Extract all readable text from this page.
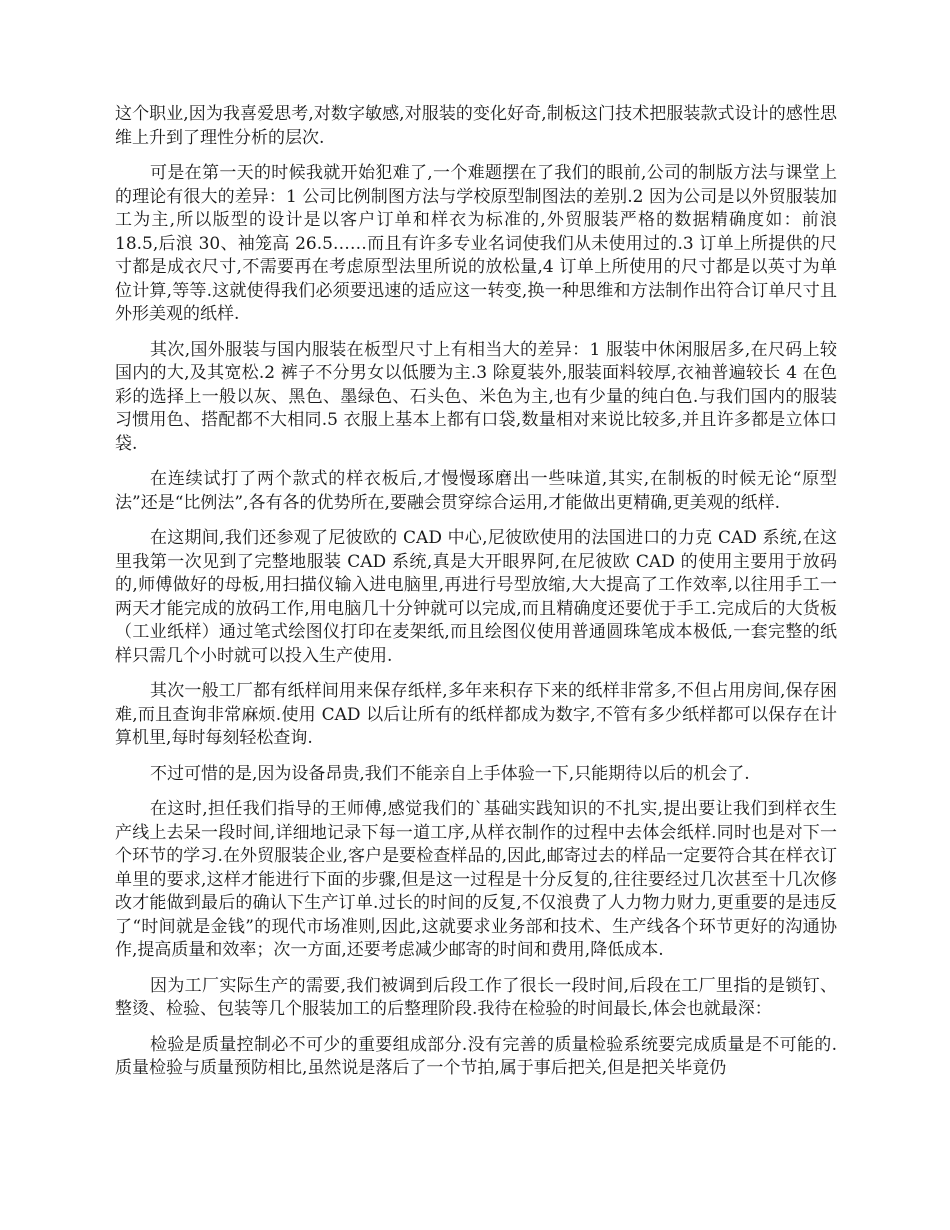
这个职业,因为我喜爱思考,对数字敏感,对服装的变化好奇,制板这门技术把服装款式设计的感性思维上升到了理性分析的层次.

可是在第一天的时候我就开始犯难了,一个难题摆在了我们的眼前,公司的制版方法与课堂上的理论有很大的差异：1 公司比例制图方法与学校原型制图法的差别.2 因为公司是以外贸服装加工为主,所以版型的设计是以客户订单和样衣为标准的,外贸服装严格的数据精确度如：前浪 18.5,后浪 30、袖笼高 26.5……而且有许多专业名词使我们从未使用过的.3 订单上所提供的尺寸都是成衣尺寸,不需要再在考虑原型法里所说的放松量,4 订单上所使用的尺寸都是以英寸为单位计算,等等.这就使得我们必须要迅速的适应这一转变,换一种思维和方法制作出符合订单尺寸且外形美观的纸样.

其次,国外服装与国内服装在板型尺寸上有相当大的差异：1 服装中休闲服居多,在尺码上较国内的大,及其宽松.2 裤子不分男女以低腰为主.3 除夏装外,服装面料较厚,衣袖普遍较长 4 在色彩的选择上一般以灰、黑色、墨绿色、石头色、米色为主,也有少量的纯白色.与我们国内的服装习惯用色、搭配都不大相同.5 衣服上基本上都有口袋,数量相对来说比较多,并且许多都是立体口袋.

在连续试打了两个款式的样衣板后,才慢慢琢磨出一些味道,其实,在制板的时候无论“原型法”还是“比例法”,各有各的优势所在,要融会贯穿综合运用,才能做出更精确,更美观的纸样.

在这期间,我们还参观了尼彼欧的 CAD 中心,尼彼欧使用的法国进口的力克 CAD 系统,在这里我第一次见到了完整地服装 CAD 系统,真是大开眼界阿,在尼彼欧 CAD 的使用主要用于放码的,师傅做好的母板,用扫描仪输入进电脑里,再进行号型放缩,大大提高了工作效率,以往用手工一两天才能完成的放码工作,用电脑几十分钟就可以完成,而且精确度还要优于手工.完成后的大货板（工业纸样）通过笔式绘图仪打印在麦架纸,而且绘图仪使用普通圆珠笔成本极低,一套完整的纸样只需几个小时就可以投入生产使用.

其次一般工厂都有纸样间用来保存纸样,多年来积存下来的纸样非常多,不但占用房间,保存困难,而且查询非常麻烦.使用 CAD 以后让所有的纸样都成为数字,不管有多少纸样都可以保存在计算机里,每时每刻轻松查询.

不过可惜的是,因为设备昂贵,我们不能亲自上手体验一下,只能期待以后的机会了.

在这时,担任我们指导的王师傅,感觉我们的`基础实践知识的不扎实,提出要让我们到样衣生产线上去呆一段时间,详细地记录下每一道工序,从样衣制作的过程中去体会纸样.同时也是对下一个环节的学习.在外贸服装企业,客户是要检查样品的,因此,邮寄过去的样品一定要符合其在样衣订单里的要求,这样才能进行下面的步骤,但是这一过程是十分反复的,往往要经过几次甚至十几次修改才能做到最后的确认下生产订单.过长的时间的反复,不仅浪费了人力物力财力,更重要的是违反了“时间就是金钱”的现代市场准则,因此,这就要求业务部和技术、生产线各个环节更好的沟通协作,提高质量和效率；次一方面,还要考虑减少邮寄的时间和费用,降低成本.

因为工厂实际生产的需要,我们被调到后段工作了很长一段时间,后段在工厂里指的是锁钉、整烫、检验、包装等几个服装加工的后整理阶段.我待在检验的时间最长,体会也就最深：

检验是质量控制必不可少的重要组成部分.没有完善的质量检验系统要完成质量是不可能的.质量检验与质量预防相比,虽然说是落后了一个节拍,属于事后把关,但是把关毕竟仍
